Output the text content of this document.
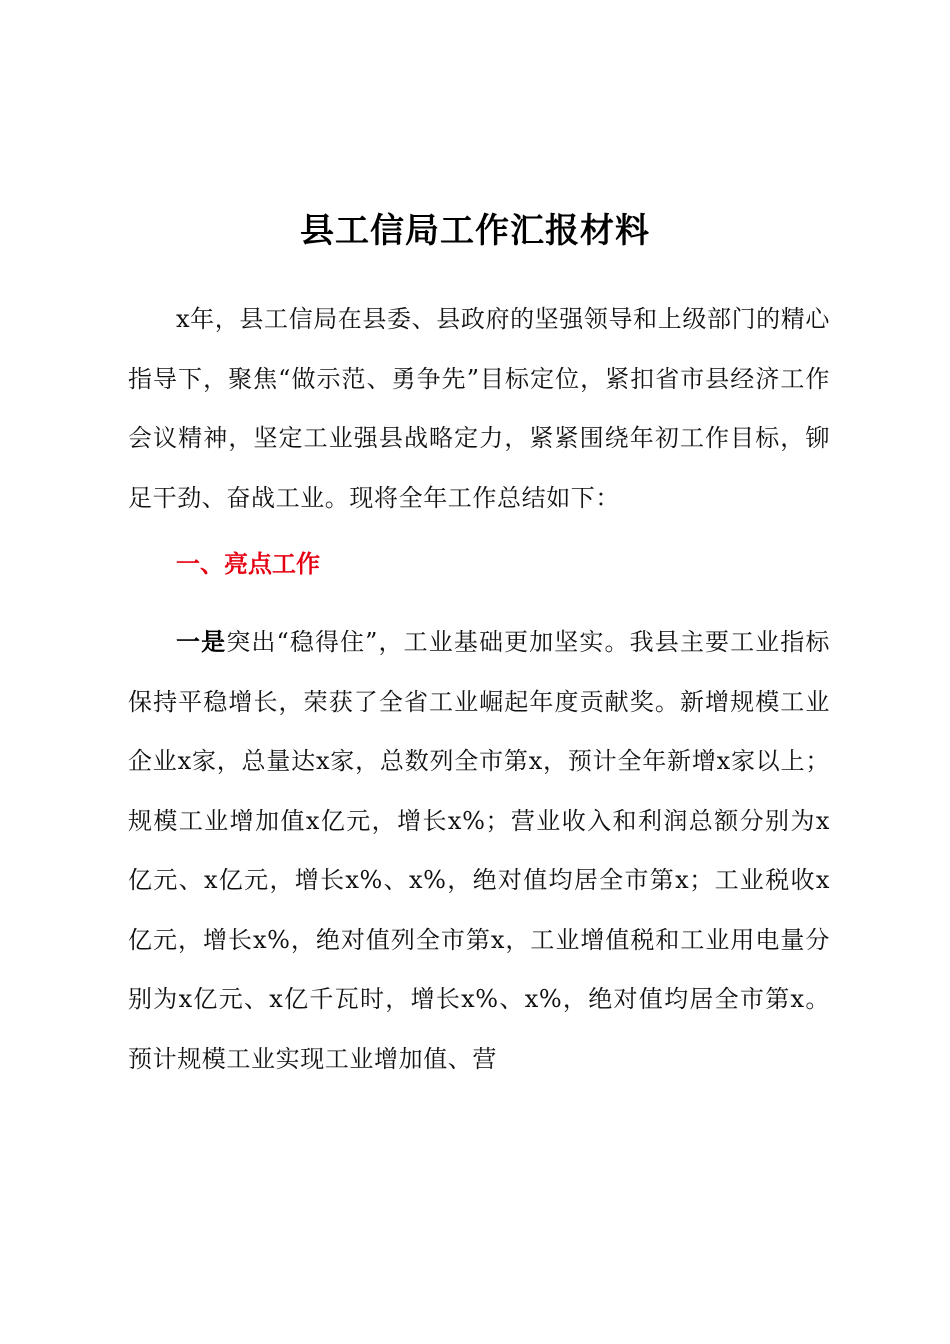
县工信局工作汇报材料
x年，县工信局在县委、县政府的坚强领导和上级部门的精心指导下，聚焦“做示范、勇争先”目标定位，紧扣省市县经济工作会议精神，坚定工业强县战略定力，紧紧围绕年初工作目标，铆足干劲、奋战工业。现将全年工作总结如下：
一、亮点工作
一是突出“稳得住”，工业基础更加坚实。我县主要工业指标保持平稳增长，荣获了全省工业崛起年度贡献奖。新增规模工业企业x家，总量达x家，总数列全市第x，预计全年新增x家以上；规模工业增加值x亿元，增长x%；营业收入和利润总额分别为x亿元、x亿元，增长x%、x%，绝对值均居全市第x；工业税收x亿元，增长x%，绝对值列全市第x，工业增值税和工业用电量分别为x亿元、x亿千瓦时，增长x%、x%，绝对值均居全市第x。预计规模工业实现工业增加值、营
